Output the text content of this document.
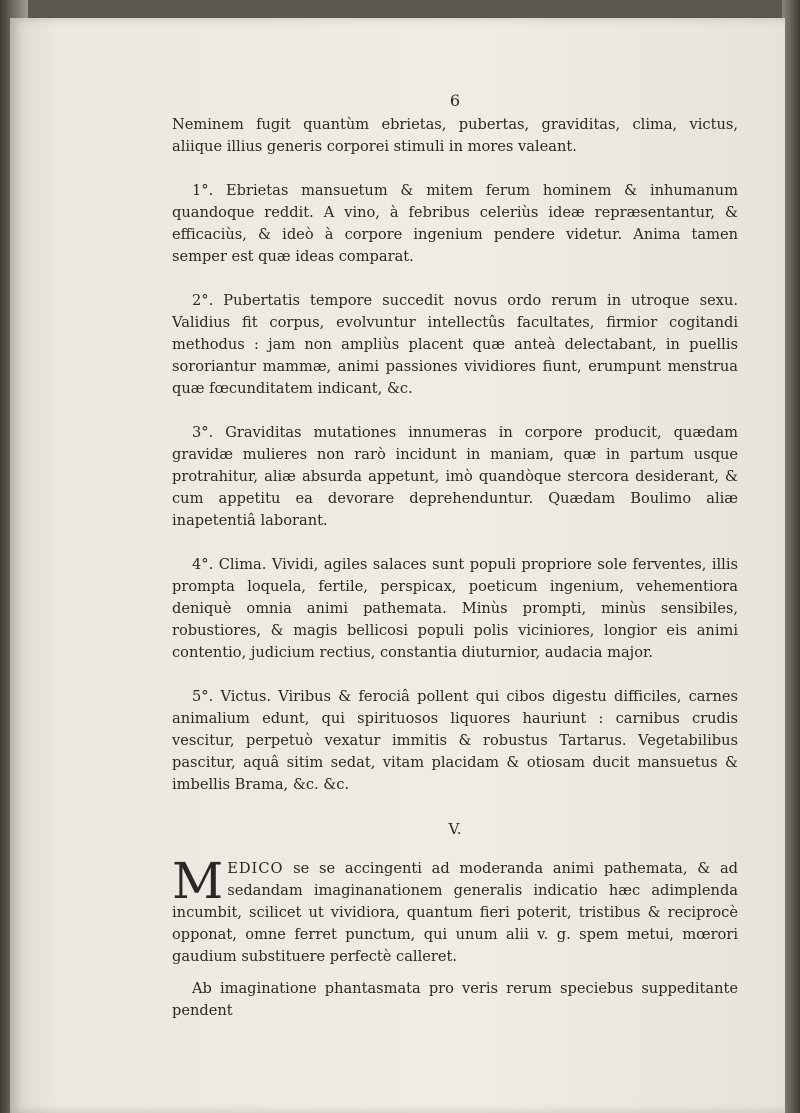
6

Neminem fugit quantùm ebrietas, pubertas, graviditas, clima, victus, aliique illius generis corporei stimuli in mores valeant.

1°. Ebrietas mansuetum & mitem ferum hominem & inhumanum quandoque reddit. A vino, à febribus celeriùs ideæ repræsentantur, & efficaciùs, & ideò à corpore ingenium pendere videtur. Anima tamen semper est quæ ideas comparat.

2°. Pubertatis tempore succedit novus ordo rerum in utroque sexu. Validius fit corpus, evolvuntur intellectûs facultates, firmior cogitandi methodus : jam non ampliùs placent quæ anteà delectabant, in puellis sororiantur mammæ, animi passiones vividiores fiunt, erumpunt menstrua quæ fœcunditatem indicant, &c.

3°. Graviditas mutationes innumeras in corpore producit, quædam gravidæ mulieres non rarò incidunt in maniam, quæ in partum usque protrahitur, aliæ absurda appetunt, imò quandòque stercora desiderant, & cum appetitu ea devorare deprehenduntur. Quædam Boulimo aliæ inapetentiâ laborant.

4°. Clima. Vividi, agiles salaces sunt populi propriore sole ferventes, illis prompta loquela, fertile, perspicax, poeticum ingenium, vehementiora deniquè omnia animi pathemata. Minùs prompti, minùs sensibiles, robustiores, & magis bellicosi populi polis viciniores, longior eis animi contentio, judicium rectius, constantia diuturnior, audacia major.

5°. Victus. Viribus & ferociâ pollent qui cibos digestu difficiles, carnes animalium edunt, qui spirituosos liquores hauriunt : carnibus crudis vescitur, perpetuò vexatur immitis & robustus Tartarus. Vegetabilibus pascitur, aquâ sitim sedat, vitam placidam & otiosam ducit mansuetus & imbellis Brama, &c. &c.

V.

MEDICO se se accingenti ad moderanda animi pathemata, & ad sedandam imaginanationem generalis indicatio hæc adimplenda incumbit, scilicet ut vividiora, quantum fieri poterit, tristibus & reciprocè opponat, omne ferret punctum, qui unum alii v. g. spem metui, mœrori gaudium substituere perfectè calleret.

Ab imaginatione phantasmata pro veris rerum speciebus suppeditante pendent
